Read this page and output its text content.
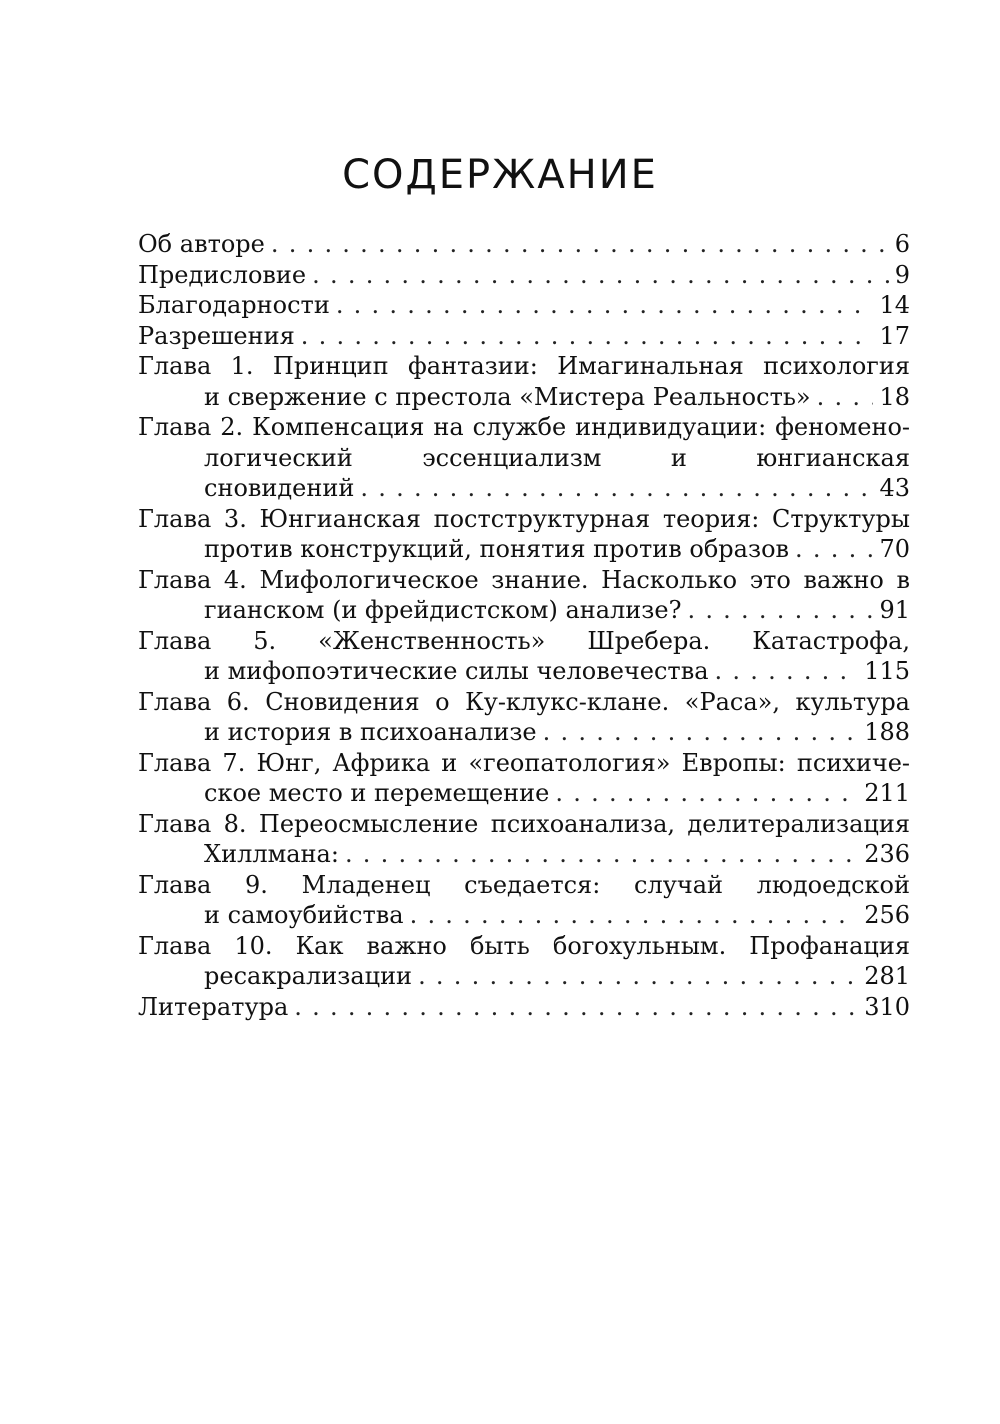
СОДЕРЖАНИЕ
Об авторе . . .	6
Предисловие . . .	9
Благодарности . . .	14
Разрешения . . .	17
Глава 1. Принцип фантазии: Имагинальная психология
и свержение с престола «Мистера Реальность» . . .	18
Глава 2. Компенсация на службе индивидуации: феномено-
логический эссенциализм и юнгианская
сновидений . . .	43
Глава 3. Юнгианская постструктурная теория: Структуры
против конструкций, понятия против образов . . .	70
Глава 4. Мифологическое знание. Насколько это важно в
гианском (и фрейдистском) анализе? . . .	91
Глава 5. «Женственность» Шребера. Катастрофа,
и мифопоэтические силы человечества . . .	115
Глава 6. Сновидения о Ку-клукс-клане. «Раса», культура
и история в психоанализе . . .	188
Глава 7. Юнг, Африка и «геопатология» Европы: психиче-
ское место и перемещение . . .	211
Глава 8. Переосмысление психоанализа, делитерализация
Хиллмана: . . .	236
Глава 9. Младенец съедается: случай людоедской
и самоубийства . . .	256
Глава 10. Как важно быть богохульным. Профанация
ресакрализации . . .	281
Литература . . .	310
